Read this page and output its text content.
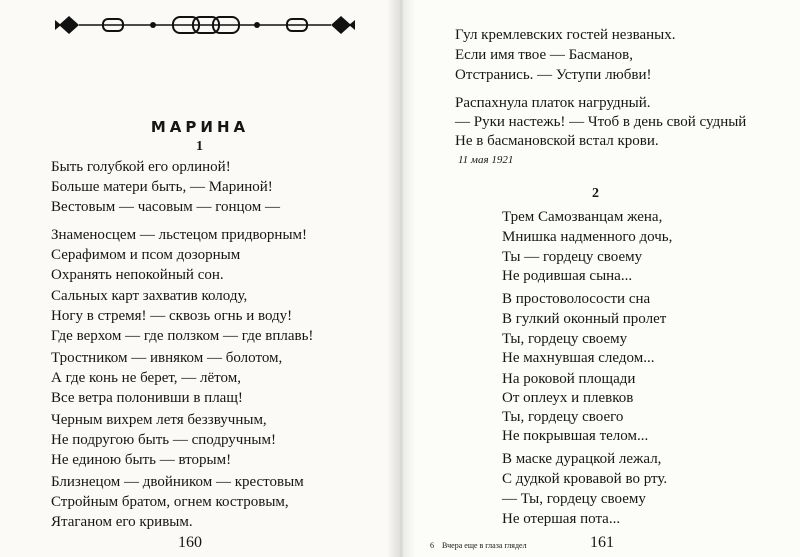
МАРИНА
1
Быть голубкой его орлиной!
Больше матери быть, — Мариной!
Вестовым — часовым — гонцом —
Знаменосцем — льстецом придворным!
Серафимом и псом дозорным
Охранять непокойный сон.
Сальных карт захватив колоду,
Ногу в стремя! — сквозь огнь и воду!
Где верхом — где ползком — где вплавь!
Тростником — ивняком — болотом,
А где конь не берет, — лётом,
Все ветра полонивши в плащ!
Черным вихрем летя беззвучным,
Не подругою быть — сподручным!
Не единою быть — вторым!
Близнецом — двойником — крестовым
Стройным братом, огнем костровым,
Ятаганом его кривым.
160
Гул кремлевских гостей незваных.
Если имя твое — Басманов,
Отстранись. — Уступи любви!
Распахнула платок нагрудный.
— Руки настежь! — Чтоб в день свой судный
Не в басмановской встал крови.
11 мая 1921
2
Трем Самозванцам жена,
Мнишка надменного дочь,
Ты — гордецу своему
Не родившая сына...
В простоволосости сна
В гулкий оконный пролет
Ты, гордецу своему
Не махнувшая следом...
На роковой площади
От оплеух и плевков
Ты, гордецу своего
Не покрывшая телом...
В маске дурацкой лежал,
С дудкой кровавой во рту.
— Ты, гордецу своему
Не отершая пота...
6 Вчера еще в глаза глядел	161
